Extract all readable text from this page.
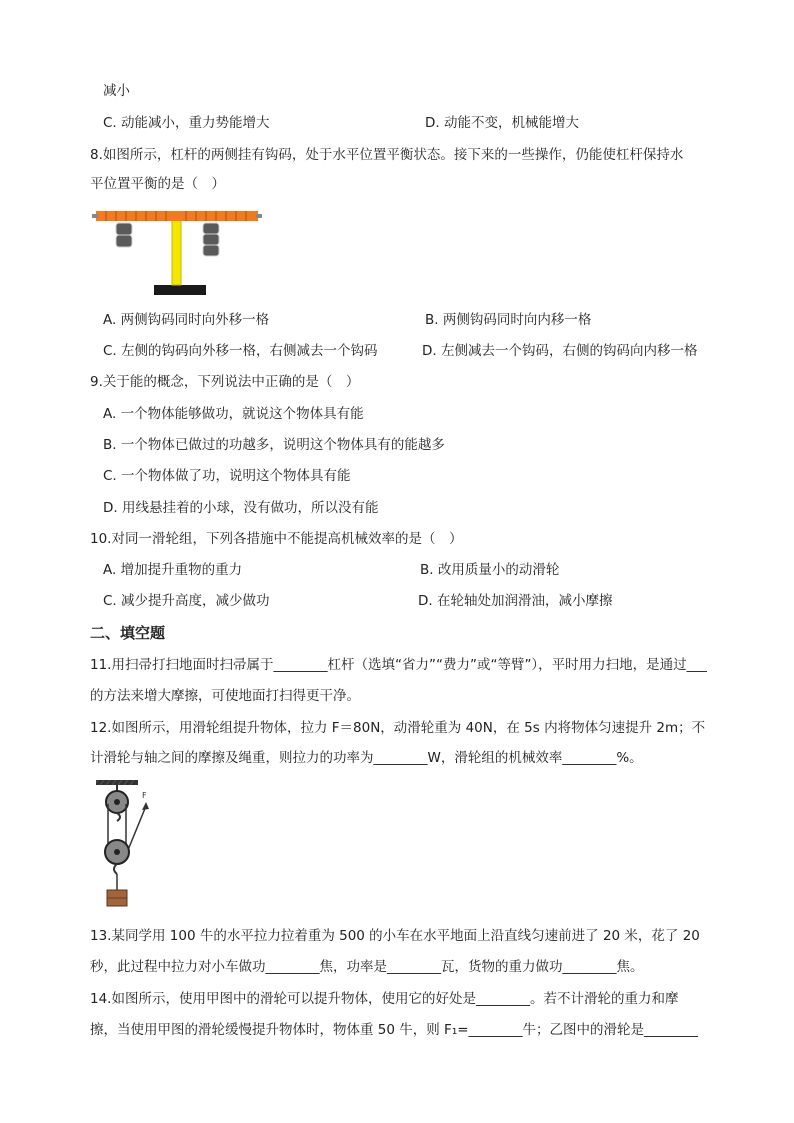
减小
C. 动能减小，重力势能增大	D. 动能不变，机械能增大
8.如图所示，杠杆的两侧挂有钩码，处于水平位置平衡状态。接下来的一些操作，仍能使杠杆保持水
平位置平衡的是（　）
A. 两侧钩码同时向外移一格	B. 两侧钩码同时向内移一格
C. 左侧的钩码向外移一格，右侧减去一个钩码	D. 左侧减去一个钩码，右侧的钩码向内移一格
9.关于能的概念，下列说法中正确的是（　）
A. 一个物体能够做功，就说这个物体具有能
B. 一个物体已做过的功越多，说明这个物体具有的能越多
C. 一个物体做了功，说明这个物体具有能
D. 用线悬挂着的小球，没有做功，所以没有能
10.对同一滑轮组，下列各措施中不能提高机械效率的是（　）
A. 增加提升重物的重力	B. 改用质量小的动滑轮
C. 减少提升高度，减少做功	D. 在轮轴处加润滑油，减小摩擦
二、填空题
11.用扫帚打扫地面时扫帚属于________杠杆（选填“省力”“费力”或“等臂”），平时用力扫地，是通过___
的方法来增大摩擦，可使地面打扫得更干净。
12.如图所示，用滑轮组提升物体，拉力 F＝80N，动滑轮重为 40N，在 5s 内将物体匀速提升 2m；不
计滑轮与轴之间的摩擦及绳重，则拉力的功率为________W，滑轮组的机械效率________%。
F
13.某同学用 100 牛的水平拉力拉着重为 500 的小车在水平地面上沿直线匀速前进了 20 米，花了 20
秒，此过程中拉力对小车做功________焦，功率是________瓦，货物的重力做功________焦。
14.如图所示，使用甲图中的滑轮可以提升物体，使用它的好处是________。若不计滑轮的重力和摩
擦，当使用甲图的滑轮缓慢提升物体时，物体重 50 牛，则 F₁=________牛；乙图中的滑轮是________
